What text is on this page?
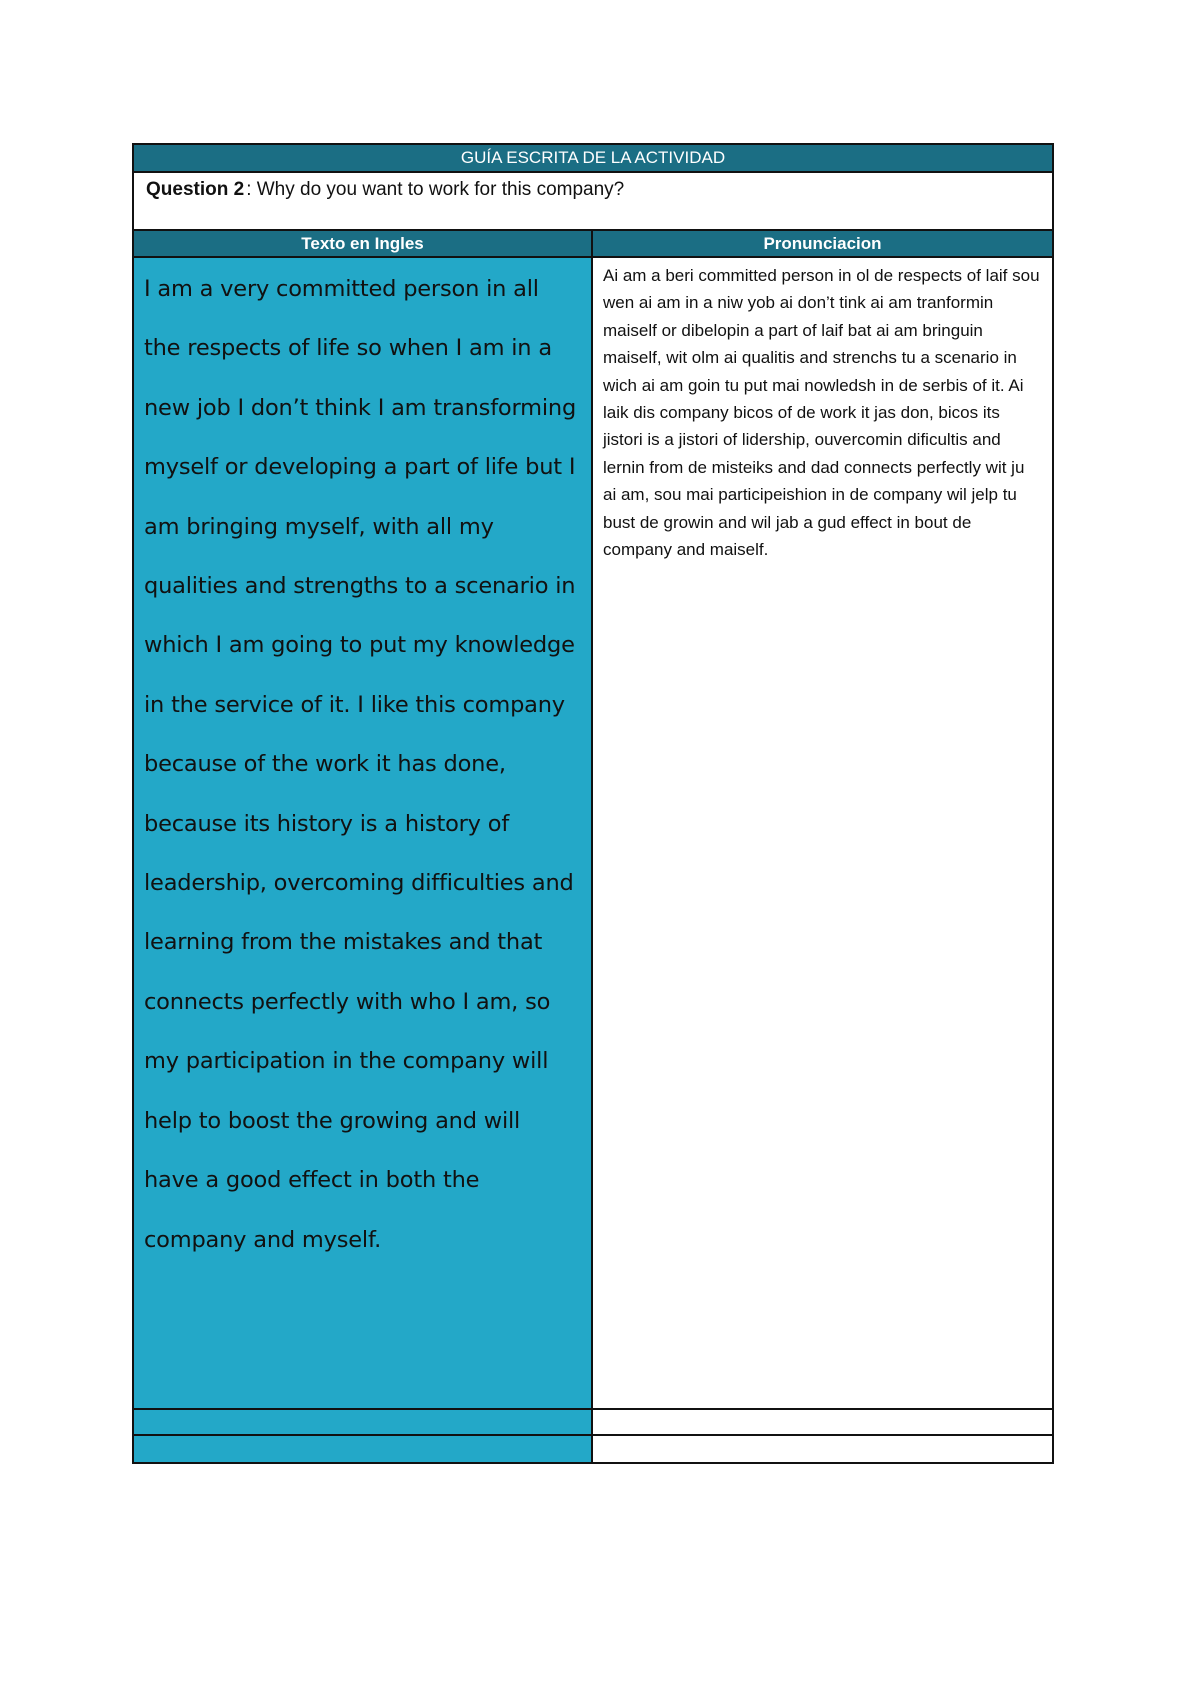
GUÍA ESCRITA DE LA ACTIVIDAD
Question 2 : Why do you want to work for this company?
Texto en Ingles	Pronunciacion
I am a very committed person in all the respects of life so when I am in a new job I don’t think I am transforming myself or developing a part of life but I am bringing myself, with all my qualities and strengths to a scenario in which I am going to put my knowledge in the service of it. I like this company because of the work it has done, because its history is a history of leadership, overcoming difficulties and learning from the mistakes and that connects perfectly with who I am, so my participation in the company will help to boost the growing and will have a good effect in both the company and myself.
Ai am a beri committed person in ol de respects of laif sou wen ai am in a niw yob ai don’t tink ai am tranformin maiself or dibelopin a part of laif bat ai am bringuin maiself, wit olm ai qualitis and strenchs tu a scenario in wich ai am goin tu put mai nowledsh in de serbis of it. Ai laik dis company bicos of de work it jas don, bicos its jistori is a jistori of lidership, ouvercomin dificultis and lernin from de misteiks and dad connects perfectly wit ju ai am, sou mai participeishion in de company wil jelp tu bust de growin and wil jab a gud effect in bout de company and maiself.
